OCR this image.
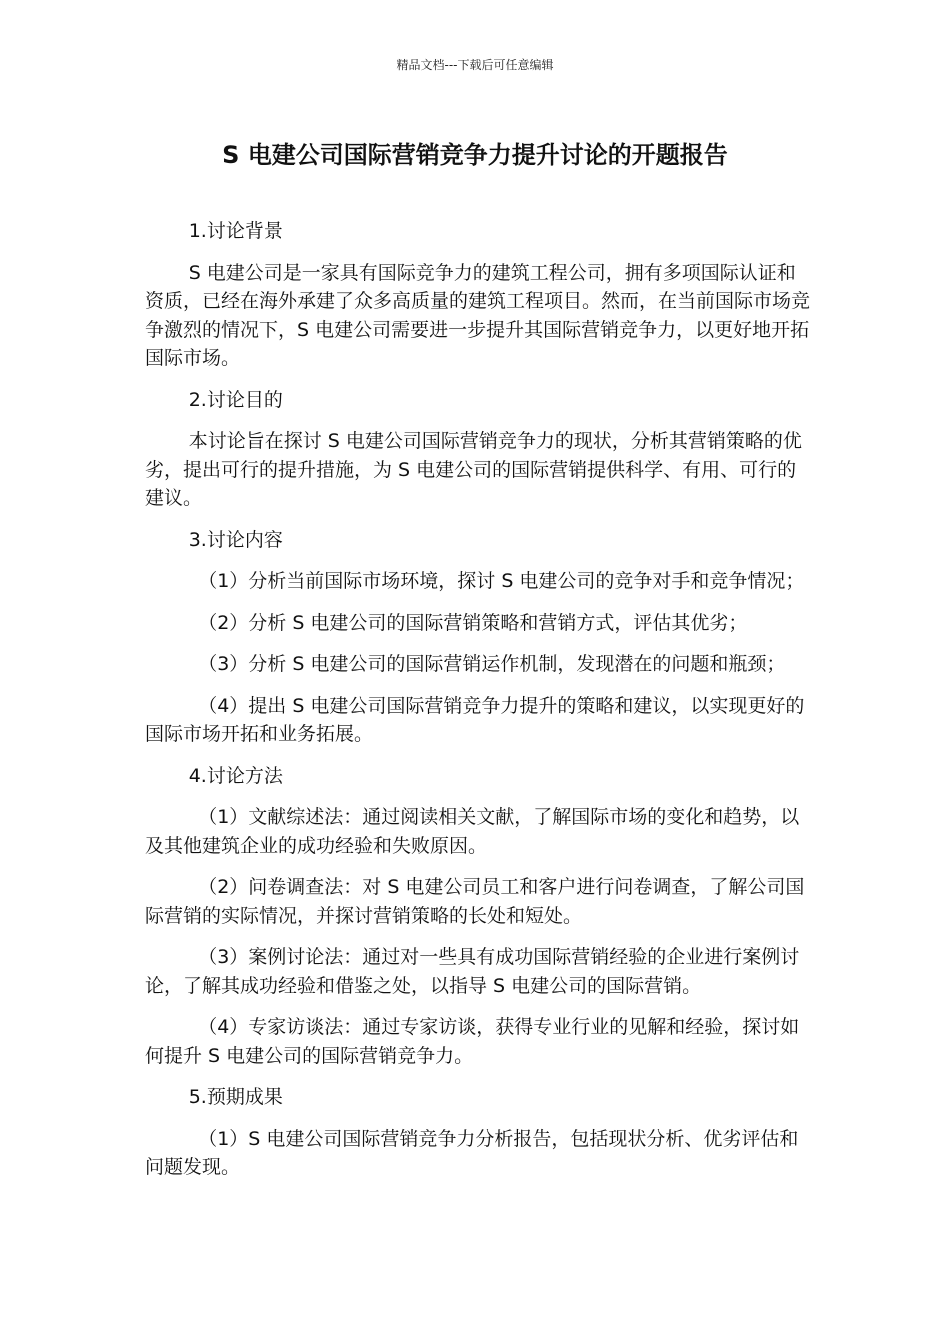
精品文档---下载后可任意编辑
S 电建公司国际营销竞争力提升讨论的开题报告

1.讨论背景

S 电建公司是一家具有国际竞争力的建筑工程公司，拥有多项国际认证和资质，已经在海外承建了众多高质量的建筑工程项目。然而，在当前国际市场竞争激烈的情况下，S 电建公司需要进一步提升其国际营销竞争力，以更好地开拓国际市场。

2.讨论目的

本讨论旨在探讨 S 电建公司国际营销竞争力的现状，分析其营销策略的优劣，提出可行的提升措施，为 S 电建公司的国际营销提供科学、有用、可行的建议。

3.讨论内容

（1）分析当前国际市场环境，探讨 S 电建公司的竞争对手和竞争情况；

（2）分析 S 电建公司的国际营销策略和营销方式，评估其优劣；

（3）分析 S 电建公司的国际营销运作机制，发现潜在的问题和瓶颈；

（4）提出 S 电建公司国际营销竞争力提升的策略和建议，以实现更好的国际市场开拓和业务拓展。

4.讨论方法

（1）文献综述法：通过阅读相关文献，了解国际市场的变化和趋势，以及其他建筑企业的成功经验和失败原因。

（2）问卷调查法：对 S 电建公司员工和客户进行问卷调查，了解公司国际营销的实际情况，并探讨营销策略的长处和短处。

（3）案例讨论法：通过对一些具有成功国际营销经验的企业进行案例讨论，了解其成功经验和借鉴之处，以指导 S 电建公司的国际营销。

（4）专家访谈法：通过专家访谈，获得专业行业的见解和经验，探讨如何提升 S 电建公司的国际营销竞争力。

5.预期成果

（1）S 电建公司国际营销竞争力分析报告，包括现状分析、优劣评估和问题发现。
